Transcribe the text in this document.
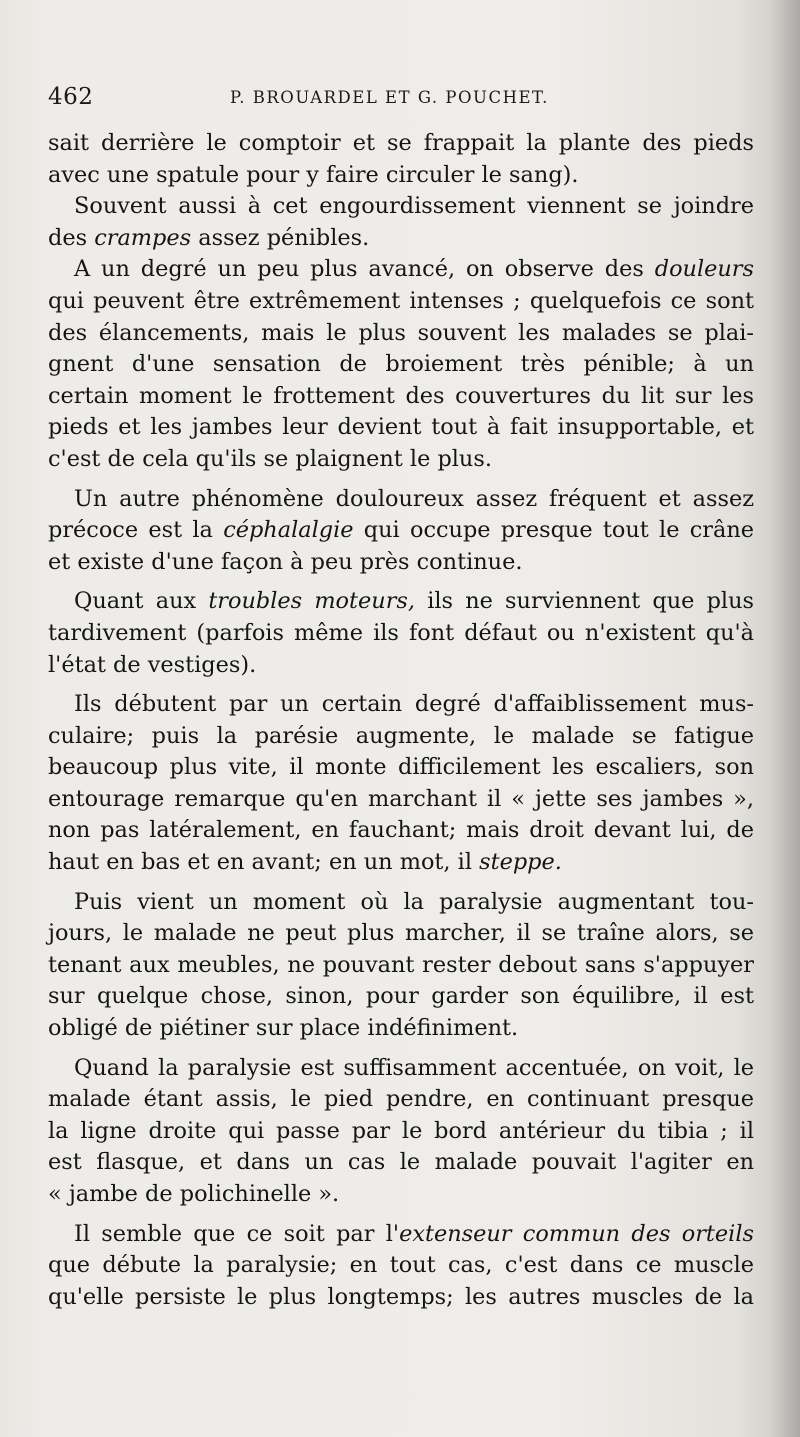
462	P. BROUARDEL ET G. POUCHET.
sait derrière le comptoir et se frappait la plante des pieds
avec une spatule pour y faire circuler le sang).
Souvent aussi à cet engourdissement viennent se joindre
des crampes assez pénibles.
A un degré un peu plus avancé, on observe des douleurs
qui peuvent être extrêmement intenses ; quelquefois ce sont
des élancements, mais le plus souvent les malades se plai-
gnent d'une sensation de broiement très pénible; à un
certain moment le frottement des couvertures du lit sur les
pieds et les jambes leur devient tout à fait insupportable, et
c'est de cela qu'ils se plaignent le plus.
Un autre phénomène douloureux assez fréquent et assez
précoce est la céphalalgie qui occupe presque tout le crâne
et existe d'une façon à peu près continue.
Quant aux troubles moteurs, ils ne surviennent que plus
tardivement (parfois même ils font défaut ou n'existent qu'à
l'état de vestiges).
Ils débutent par un certain degré d'affaiblissement mus-
culaire; puis la parésie augmente, le malade se fatigue
beaucoup plus vite, il monte difficilement les escaliers, son
entourage remarque qu'en marchant il « jette ses jambes »,
non pas latéralement, en fauchant; mais droit devant lui, de
haut en bas et en avant; en un mot, il steppe.
Puis vient un moment où la paralysie augmentant tou-
jours, le malade ne peut plus marcher, il se traîne alors, se
tenant aux meubles, ne pouvant rester debout sans s'appuyer
sur quelque chose, sinon, pour garder son équilibre, il est
obligé de piétiner sur place indéfiniment.
Quand la paralysie est suffisamment accentuée, on voit, le
malade étant assis, le pied pendre, en continuant presque
la ligne droite qui passe par le bord antérieur du tibia ; il
est flasque, et dans un cas le malade pouvait l'agiter en
« jambe de polichinelle ».
Il semble que ce soit par l'extenseur commun des orteils
que débute la paralysie; en tout cas, c'est dans ce muscle
qu'elle persiste le plus longtemps; les autres muscles de la
